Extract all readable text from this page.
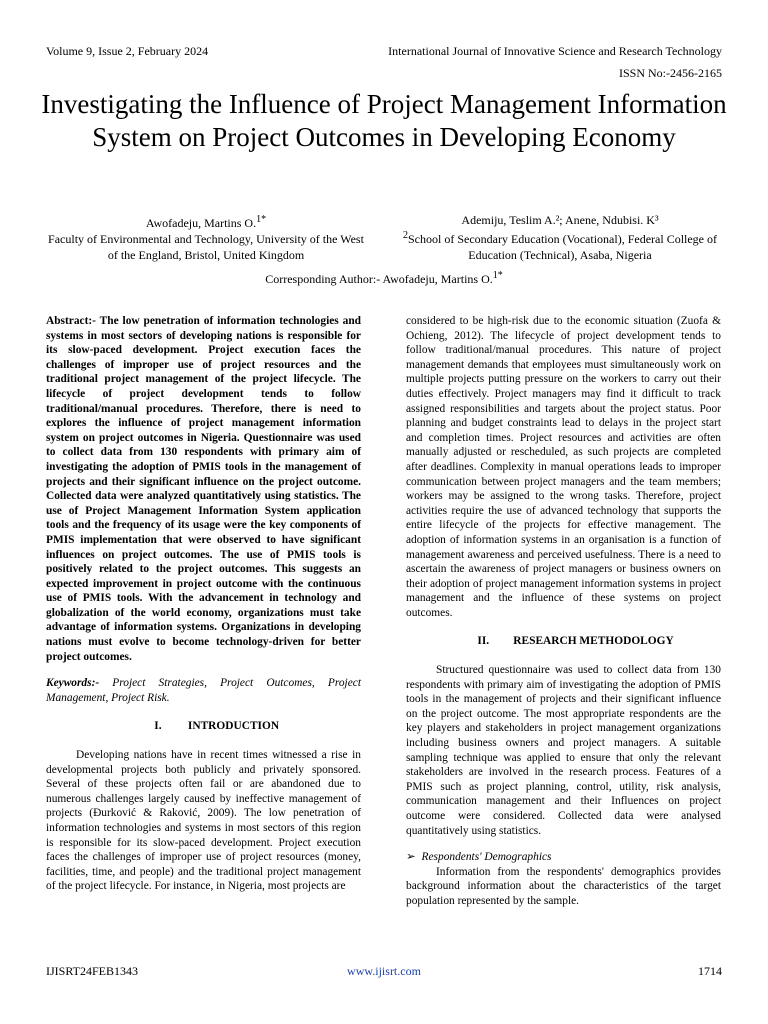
Volume 9, Issue 2, February 2024	International Journal of Innovative Science and Research Technology
ISSN No:-2456-2165
Investigating the Influence of Project Management Information System on Project Outcomes in Developing Economy
Awofadeju, Martins O.$^{1*}$
Faculty of Environmental and Technology, University of the West of the England, Bristol, United Kingdom
Ademiju, Teslim A.²; Anene, Ndubisi. K³
$^2$School of Secondary Education (Vocational), Federal College of Education (Technical), Asaba, Nigeria
Corresponding Author:- Awofadeju, Martins O.$^{1*}$

Abstract:- The low penetration of information technologies and systems in most sectors of developing nations is responsible for its slow-paced development. Project execution faces the challenges of improper use of project resources and the traditional project management of the project lifecycle. The lifecycle of project development tends to follow traditional/manual procedures. Therefore, there is need to explores the influence of project management information system on project outcomes in Nigeria. Questionnaire was used to collect data from 130 respondents with primary aim of investigating the adoption of PMIS tools in the management of projects and their significant influence on the project outcome. Collected data were analyzed quantitatively using statistics. The use of Project Management Information System application tools and the frequency of its usage were the key components of PMIS implementation that were observed to have significant influences on project outcomes. The use of PMIS tools is positively related to the project outcomes. This suggests an expected improvement in project outcome with the continuous use of PMIS tools. With the advancement in technology and globalization of the world economy, organizations must take advantage of information systems. Organizations in developing nations must evolve to become technology-driven for better project outcomes.

Keywords:- Project Strategies, Project Outcomes, Project Management, Project Risk.

I. INTRODUCTION

Developing nations have in recent times witnessed a rise in developmental projects both publicly and privately sponsored. Several of these projects often fail or are abandoned due to numerous challenges largely caused by ineffective management of projects (Đurković & Raković, 2009). The low penetration of information technologies and systems in most sectors of this region is responsible for its slow-paced development. Project execution faces the challenges of improper use of project resources (money, facilities, time, and people) and the traditional project management of the project lifecycle. For instance, in Nigeria, most projects are

considered to be high-risk due to the economic situation (Zuofa & Ochieng, 2012). The lifecycle of project development tends to follow traditional/manual procedures. This nature of project management demands that employees must simultaneously work on multiple projects putting pressure on the workers to carry out their duties effectively. Project managers may find it difficult to track assigned responsibilities and targets about the project status. Poor planning and budget constraints lead to delays in the project start and completion times. Project resources and activities are often manually adjusted or rescheduled, as such projects are completed after deadlines. Complexity in manual operations leads to improper communication between project managers and the team members; workers may be assigned to the wrong tasks. Therefore, project activities require the use of advanced technology that supports the entire lifecycle of the projects for effective management. The adoption of information systems in an organisation is a function of management awareness and perceived usefulness. There is a need to ascertain the awareness of project managers or business owners on their adoption of project management information systems in project management and the influence of these systems on project outcomes.

II. RESEARCH METHODOLOGY

Structured questionnaire was used to collect data from 130 respondents with primary aim of investigating the adoption of PMIS tools in the management of projects and their significant influence on the project outcome. The most appropriate respondents are the key players and stakeholders in project management organizations including business owners and project managers. A suitable sampling technique was applied to ensure that only the relevant stakeholders are involved in the research process. Features of a PMIS such as project planning, control, utility, risk analysis, communication management and their Influences on project outcome were considered. Collected data were analysed quantitatively using statistics.

➢ Respondents' Demographics

Information from the respondents' demographics provides background information about the characteristics of the target population represented by the sample.

IJISRT24FEB1343	www.ijisrt.com	1714
